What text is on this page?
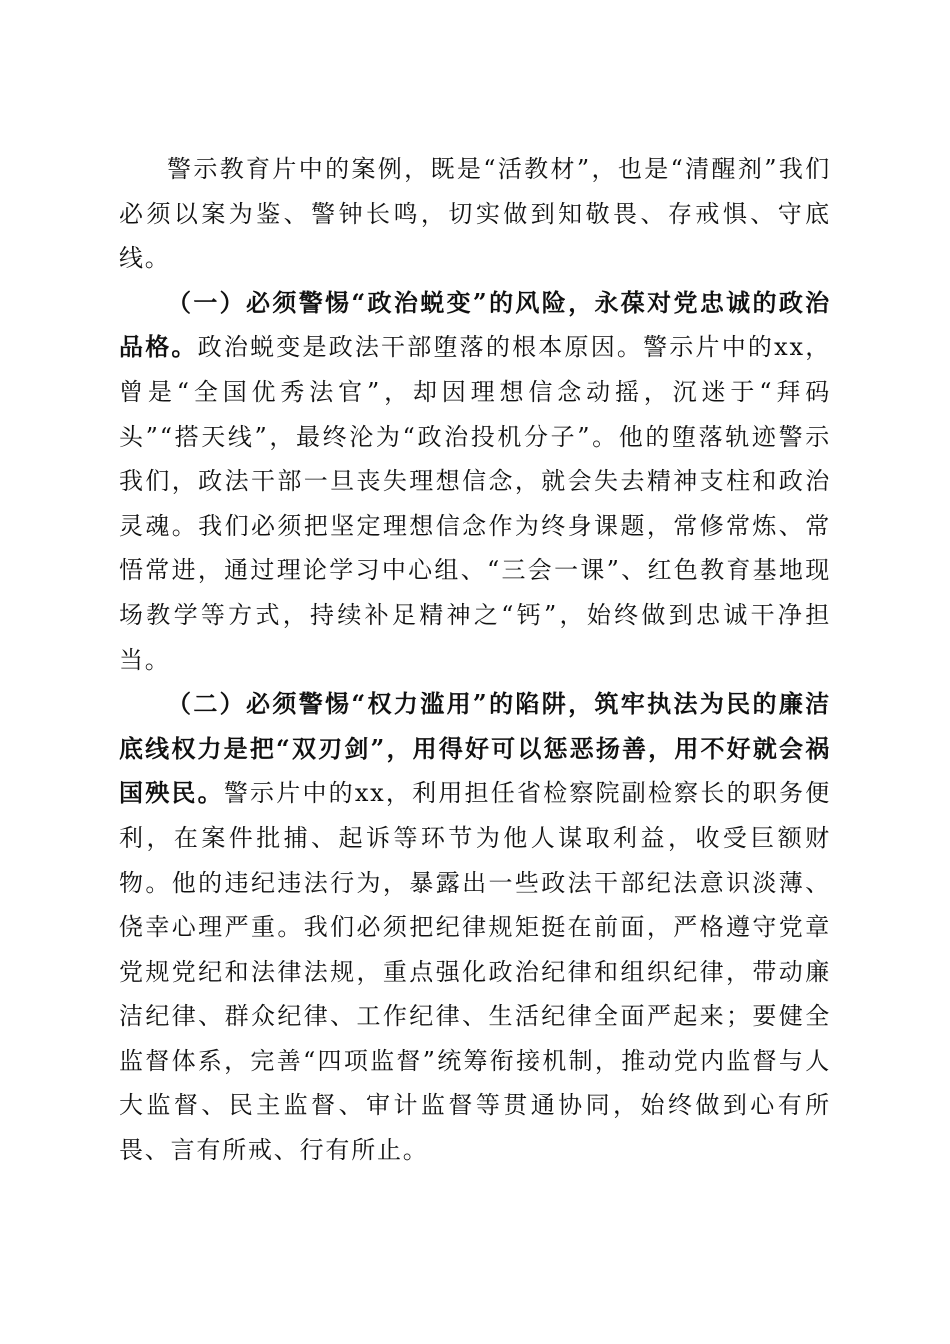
警示教育片中的案例，既是“活教材”，也是“清醒剂”我们必须以案为鉴、警钟长鸣，切实做到知敬畏、存戒惧、守底线。

（一）必须警惕“政治蜕变”的风险，永葆对党忠诚的政治品格。政治蜕变是政法干部堕落的根本原因。警示片中的xx，曾是“全国优秀法官”，却因理想信念动摇，沉迷于“拜码头”“搭天线”，最终沦为“政治投机分子”。他的堕落轨迹警示我们，政法干部一旦丧失理想信念，就会失去精神支柱和政治灵魂。我们必须把坚定理想信念作为终身课题，常修常炼、常悟常进，通过理论学习中心组、“三会一课”、红色教育基地现场教学等方式，持续补足精神之“钙”，始终做到忠诚干净担当。

（二）必须警惕“权力滥用”的陷阱，筑牢执法为民的廉洁底线权力是把“双刃剑”，用得好可以惩恶扬善，用不好就会祸国殃民。警示片中的xx，利用担任省检察院副检察长的职务便利，在案件批捕、起诉等环节为他人谋取利益，收受巨额财物。他的违纪违法行为，暴露出一些政法干部纪法意识淡薄、侥幸心理严重。我们必须把纪律规矩挺在前面，严格遵守党章党规党纪和法律法规，重点强化政治纪律和组织纪律，带动廉洁纪律、群众纪律、工作纪律、生活纪律全面严起来；要健全监督体系，完善“四项监督”统筹衔接机制，推动党内监督与人大监督、民主监督、审计监督等贯通协同，始终做到心有所畏、言有所戒、行有所止。
